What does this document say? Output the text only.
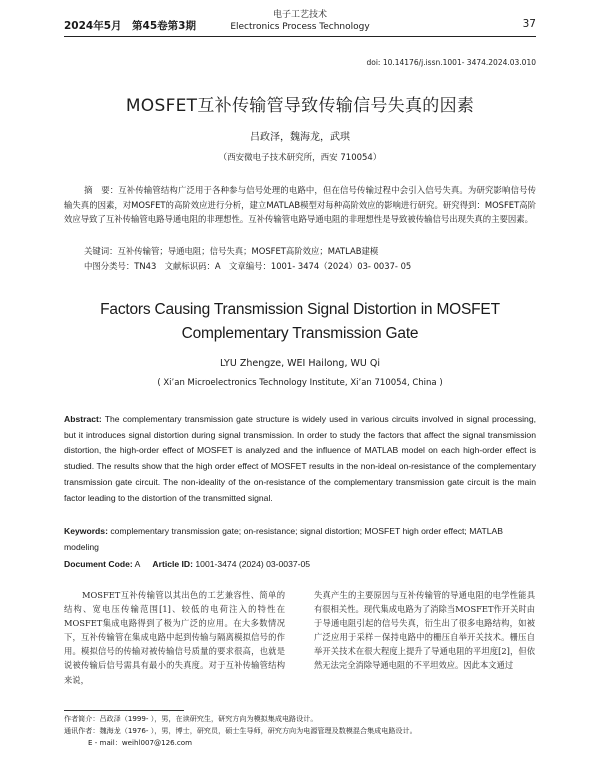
2024年5月　第45卷第3期
电子工艺技术
Electronics Process Technology	37
doi: 10.14176/j.issn.1001- 3474.2024.03.010
MOSFET互补传输管导致传输信号失真的因素
吕政泽，魏海龙，武琪
（西安微电子技术研究所，西安 710054）
摘　要：互补传输管结构广泛用于各种参与信号处理的电路中，但在信号传输过程中会引入信号失真。为研究影响信号传输失真的因素，对MOSFET的高阶效应进行分析，建立MATLAB模型对每种高阶效应的影响进行研究。研究得到：MOSFET高阶效应导致了互补传输管电路导通电阻的非理想性。互补传输管电路导通电阻的非理想性是导致被传输信号出现失真的主要因素。
关键词：互补传输管；导通电阻；信号失真；MOSFET高阶效应；MATLAB建模
中图分类号：TN43　文献标识码：A　文章编号：1001- 3474（2024）03- 0037- 05
Factors Causing Transmission Signal Distortion in MOSFET Complementary Transmission Gate
LYU Zhengze, WEI Hailong, WU Qi
( Xi’an Microelectronics Technology Institute, Xi’an 710054, China )
Abstract: The complementary transmission gate structure is widely used in various circuits involved in signal processing, but it introduces signal distortion during signal transmission. In order to study the factors that affect the signal transmission distortion, the high-order effect of MOSFET is analyzed and the influence of MATLAB model on each high-order effect is studied. The results show that the high order effect of MOSFET results in the non-ideal on-resistance of the complementary transmission gate circuit. The non-ideality of the on-resistance of the complementary transmission gate circuit is the main factor leading to the distortion of the transmitted signal.
Keywords: complementary transmission gate; on-resistance; signal distortion; MOSFET high order effect; MATLAB modeling
Document Code: A Article ID: 1001-3474 (2024) 03-0037-05
MOSFET互补传输管以其出色的工艺兼容性、简单的结构、宽电压传输范围[1]、较低的电荷注入的特性在MOSFET集成电路得到了极为广泛的应用。在大多数情况下，互补传输管在集成电路中起到传输与隔离模拟信号的作用。模拟信号的传输对被传输信号质量的要求很高，也就是说被传输后信号需具有最小的失真度。对于互补传输管结构来说，
失真产生的主要原因与互补传输管的导通电阻的电学性能具有很相关性。现代集成电路为了消除当MOSFET作开关时由于导通电阻引起的信号失真，衍生出了很多电路结构，如被广泛应用于采样－保持电路中的栅压自举开关技术。栅压自举开关技术在很大程度上提升了导通电阻的平坦度[2]，但依然无法完全消除导通电阻的不平坦效应。因此本文通过
作者简介：吕政泽（1999- ），男，在读研究生，研究方向为模拟集成电路设计。
通讯作者：魏海龙（1976- ），男，博士，研究员，硕士生导师，研究方向为电源管理及数模混合集成电路设计。
E - mail：weihl007@126.com
